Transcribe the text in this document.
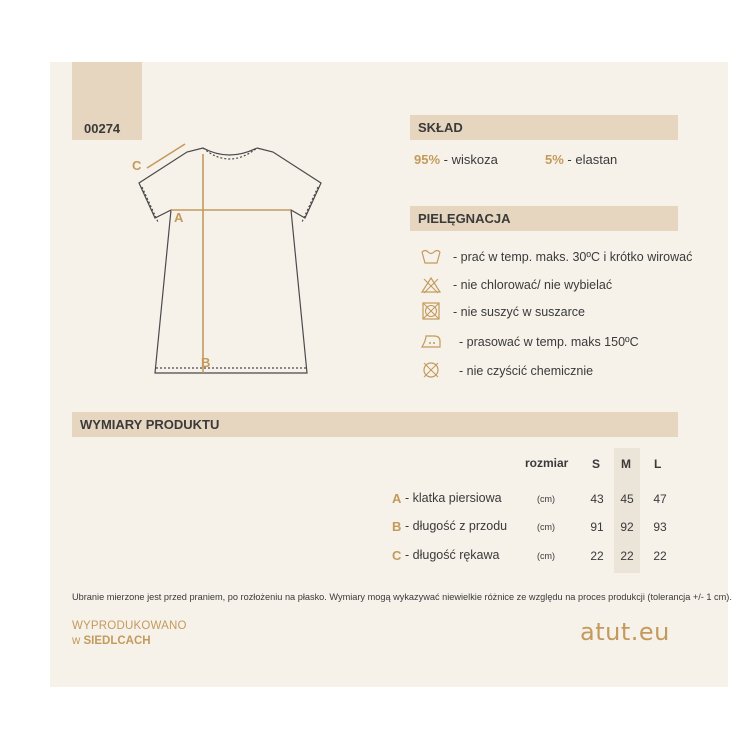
00274
A
B
C
SKŁAD
95% - wiskoza	5% - elastan
PIELĘGNACJA
- prać w temp. maks. 30ºC i krótko wirować
- nie chlorować/ nie wybielać
- nie suszyć w suszarce
- prasować w temp. maks 150ºC
- nie czyścić chemicznie
WYMIARY PRODUKTU
rozmiar S M L
A - klatka piersiowa	(cm)	43	45	47
B - długość z przodu	(cm)	91	92	93
C - długość rękawa	(cm)	22	22	22
Ubranie mierzone jest przed praniem, po rozłożeniu na płasko. Wymiary mogą wykazywać niewielkie różnice ze względu na proces produkcji (tolerancja +/- 1 cm).
WYPRODUKOWANO
w SIEDLCACH	atut.eu
